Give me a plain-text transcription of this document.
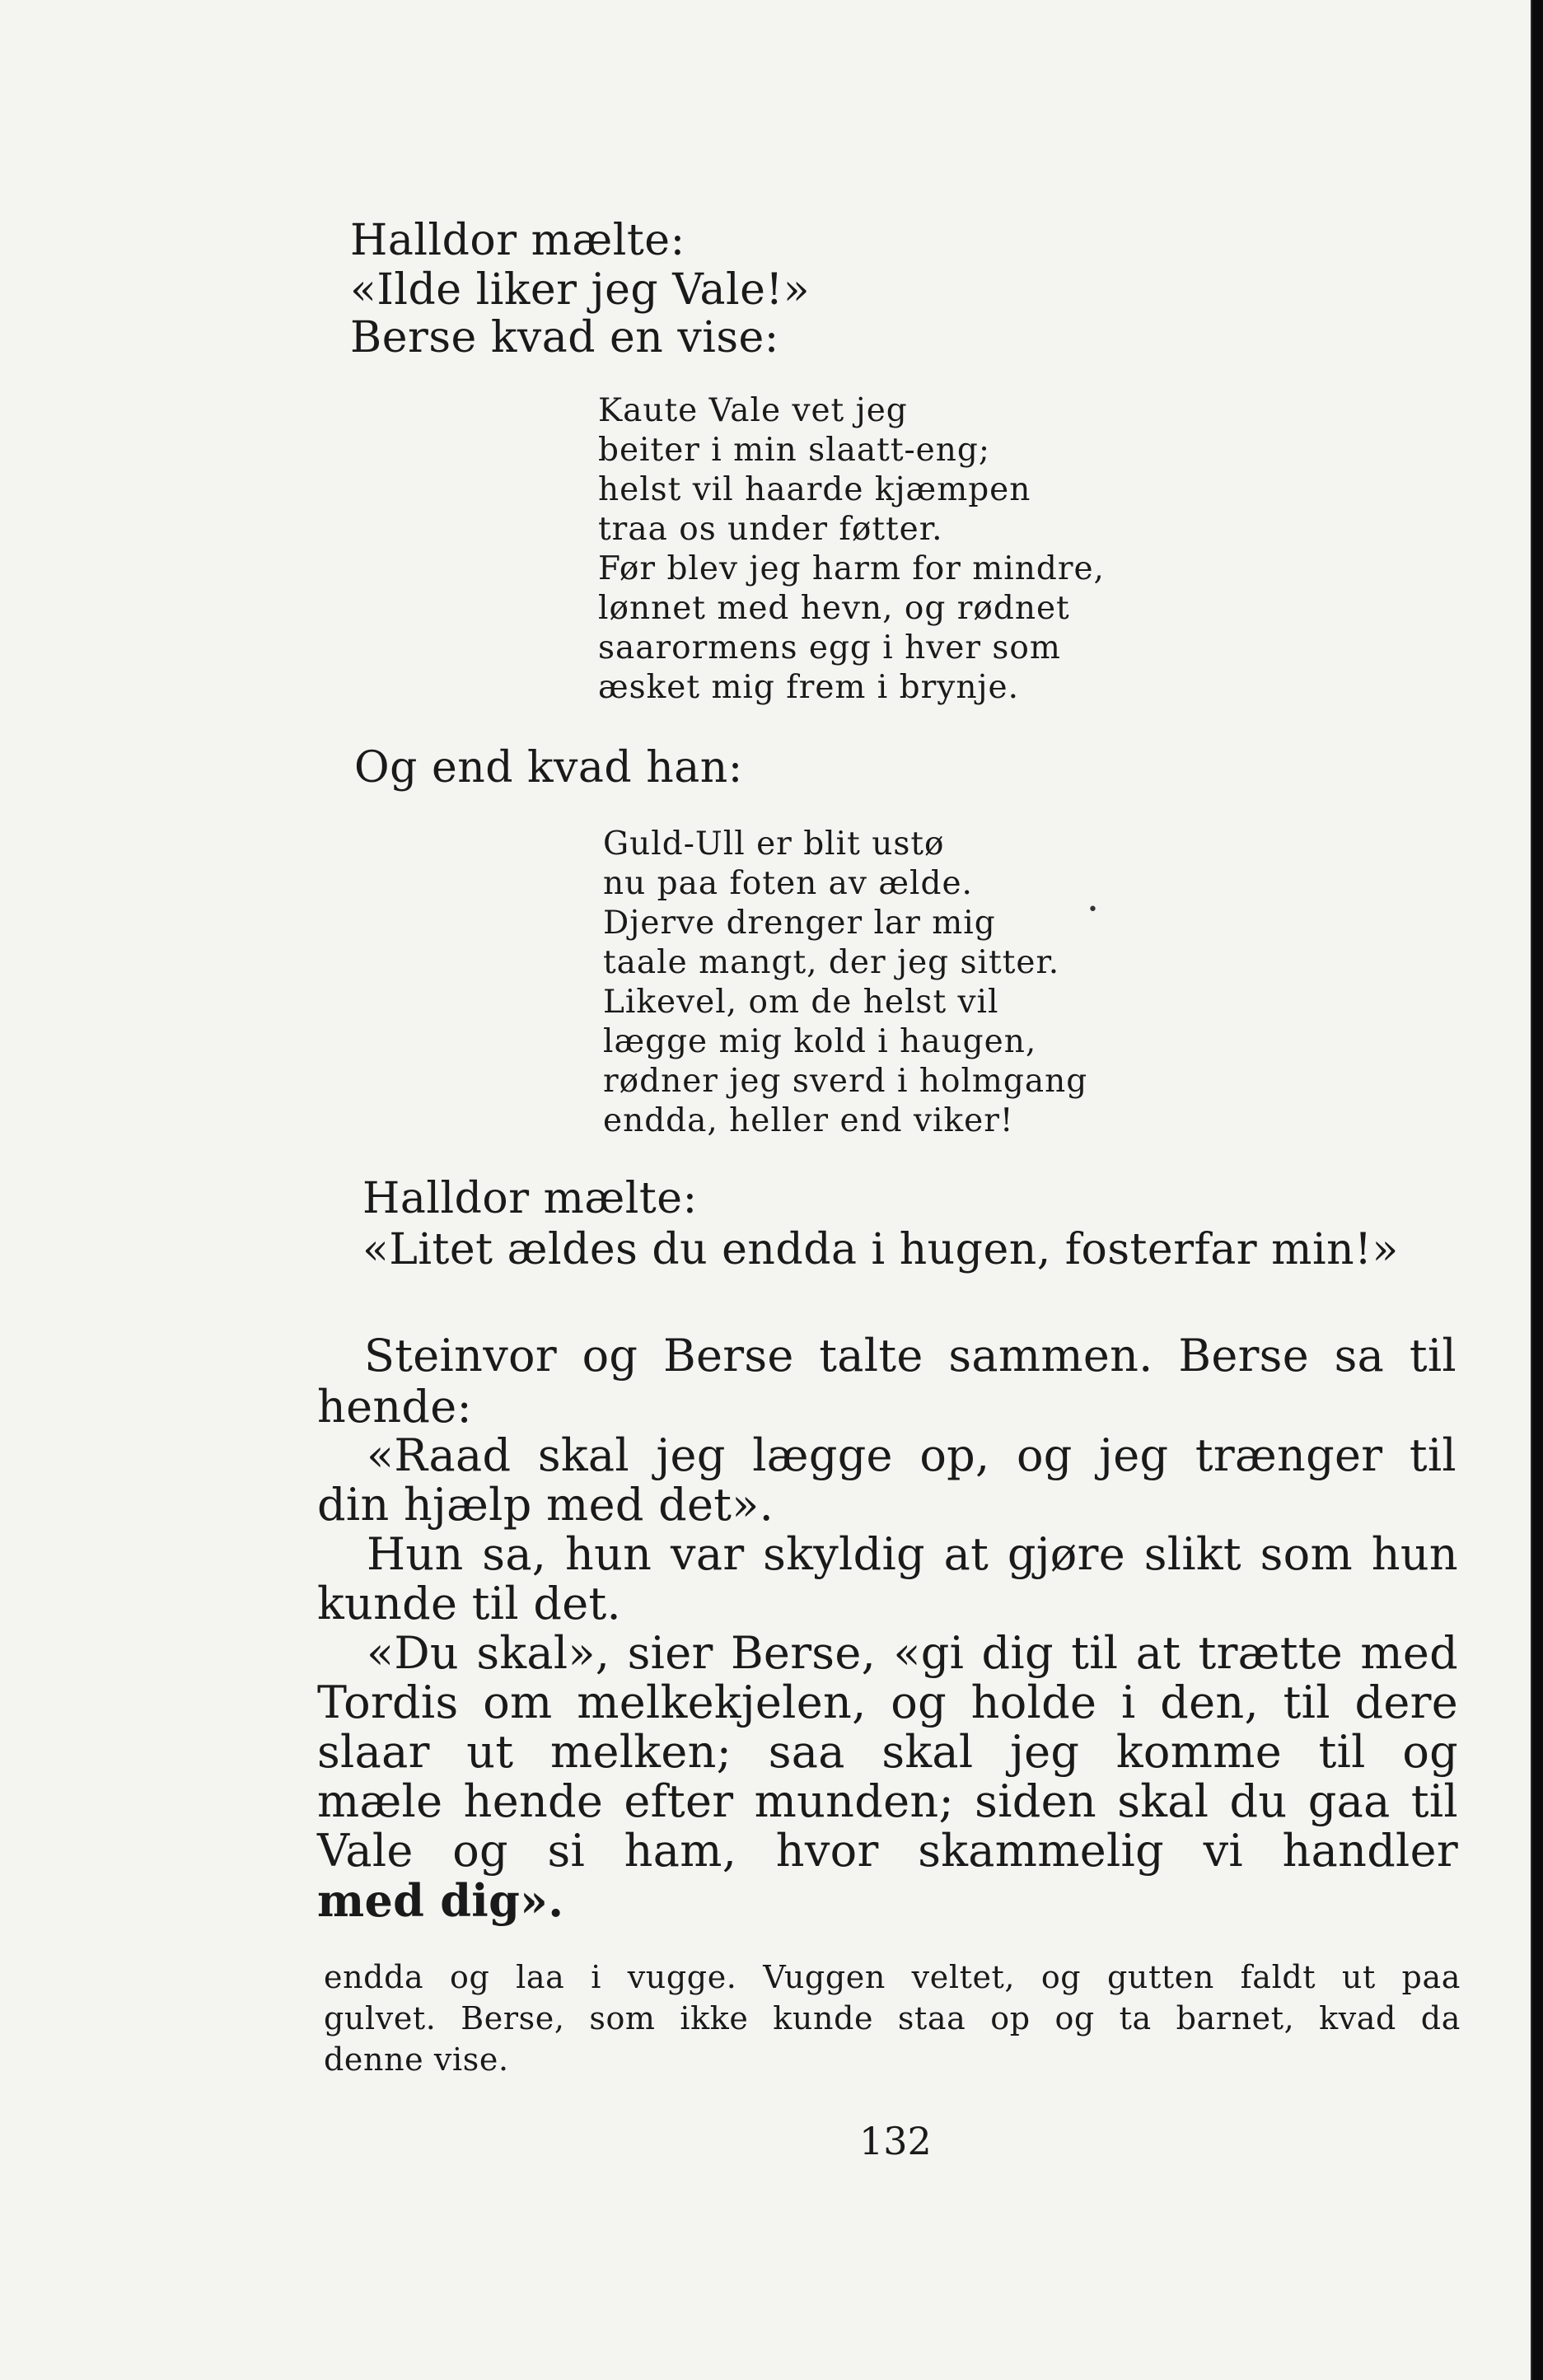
Halldor mælte:
«Ilde liker jeg Vale!»
Berse kvad en vise:
Kaute Vale vet jeg
beiter i min slaatt-eng;
helst vil haarde kjæmpen
traa os under føtter.
Før blev jeg harm for mindre,
lønnet med hevn, og rødnet
saarormens egg i hver som
æsket mig frem i brynje.
Og end kvad han:
Guld-Ull er blit ustø
nu paa foten av ælde.
Djerve drenger lar mig	•
taale mangt, der jeg sitter.
Likevel, om de helst vil
lægge mig kold i haugen,
rødner jeg sverd i holmgang
endda, heller end viker!
Halldor mælte:
«Litet ældes du endda i hugen, fosterfar min!»
Steinvor og Berse talte sammen. Berse sa til
hende:
«Raad skal jeg lægge op, og jeg trænger til
din hjælp med det».
Hun sa, hun var skyldig at gjøre slikt som hun
kunde til det.
«Du skal», sier Berse, «gi dig til at trætte med
Tordis om melkekjelen, og holde i den, til dere
slaar ut melken; saa skal jeg komme til og
mæle hende efter munden; siden skal du gaa til
Vale og si ham, hvor skammelig vi handler
med dig».
endda og laa i vugge. Vuggen veltet, og gutten faldt ut paa
gulvet. Berse, som ikke kunde staa op og ta barnet, kvad da
denne vise.
132
